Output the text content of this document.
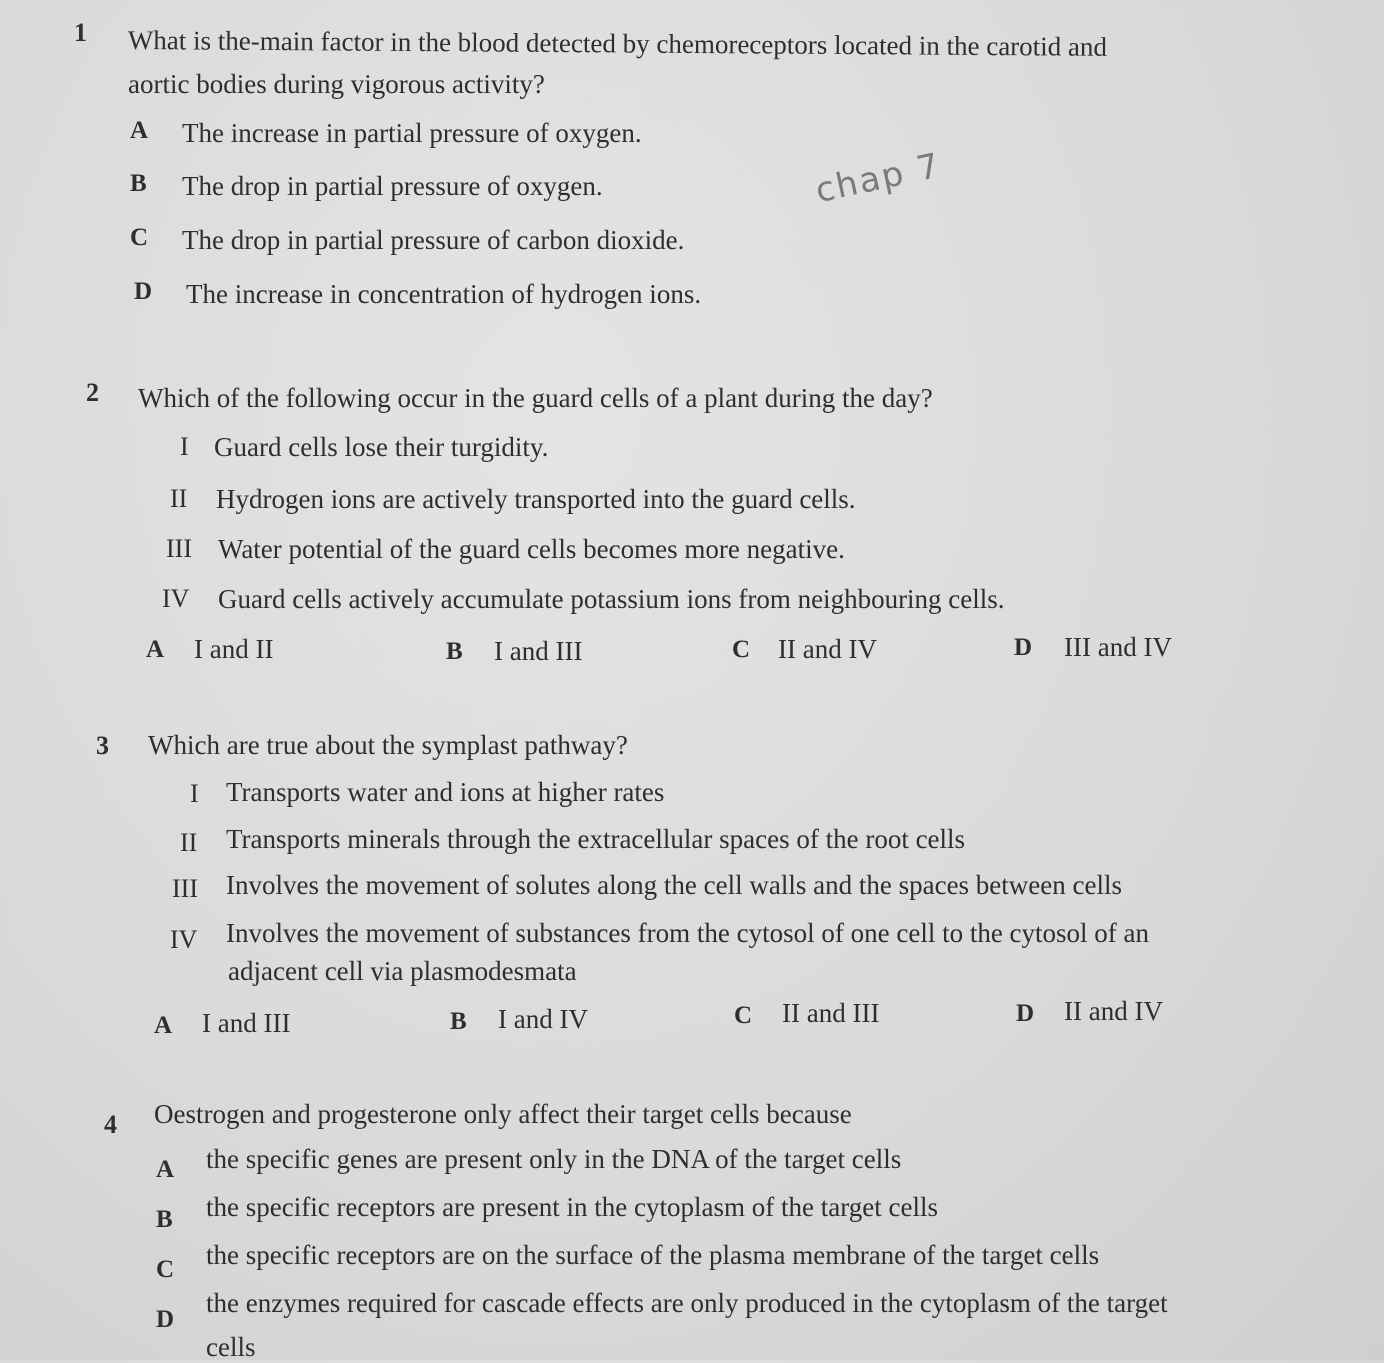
1 What is the-main factor in the blood detected by chemoreceptors located in the carotid and
aortic bodies during vigorous activity?
A The increase in partial pressure of oxygen.
B The drop in partial pressure of oxygen.
C The drop in partial pressure of carbon dioxide.
D The increase in concentration of hydrogen ions.
chap 7
2 Which of the following occur in the guard cells of a plant during the day?
I Guard cells lose their turgidity.
II Hydrogen ions are actively transported into the guard cells.
III Water potential of the guard cells becomes more negative.
IV Guard cells actively accumulate potassium ions from neighbouring cells.
A I and II	B I and III	C II and IV	D III and IV
3 Which are true about the symplast pathway?
I Transports water and ions at higher rates
II Transports minerals through the extracellular spaces of the root cells
III Involves the movement of solutes along the cell walls and the spaces between cells
IV Involves the movement of substances from the cytosol of one cell to the cytosol of an
adjacent cell via plasmodesmata
A I and III	B I and IV	C II and III	D II and IV
4 Oestrogen and progesterone only affect their target cells because
A the specific genes are present only in the DNA of the target cells
B the specific receptors are present in the cytoplasm of the target cells
C the specific receptors are on the surface of the plasma membrane of the target cells
D
the enzymes required for cascade effects are only produced in the cytoplasm of the target
cells
